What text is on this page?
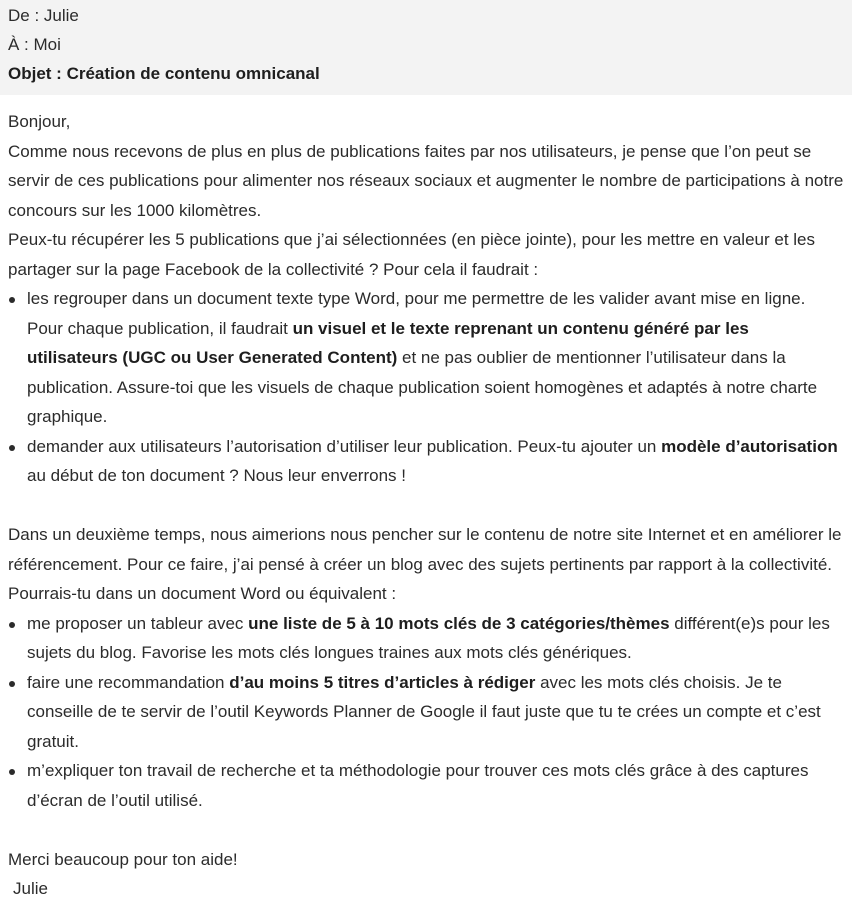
De : Julie
À : Moi
Objet : Création de contenu omnicanal

Bonjour,

Comme nous recevons de plus en plus de publications faites par nos utilisateurs, je pense que l’on peut se servir de ces publications pour alimenter nos réseaux sociaux et augmenter le nombre de participations à notre concours sur les 1000 kilomètres.

Peux-tu récupérer les 5 publications que j’ai sélectionnées (en pièce jointe), pour les mettre en valeur et les partager sur la page Facebook de la collectivité ? Pour cela il faudrait :

les regrouper dans un document texte type Word, pour me permettre de les valider avant mise en ligne. Pour chaque publication, il faudrait un visuel et le texte reprenant un contenu généré par les utilisateurs (UGC ou User Generated Content) et ne pas oublier de mentionner l’utilisateur dans la publication. Assure-toi que les visuels de chaque publication soient homogènes et adaptés à notre charte graphique.
demander aux utilisateurs l’autorisation d’utiliser leur publication. Peux-tu ajouter un modèle d’autorisation au début de ton document ? Nous leur enverrons !

Dans un deuxième temps, nous aimerions nous pencher sur le contenu de notre site Internet et en améliorer le référencement. Pour ce faire, j’ai pensé à créer un blog avec des sujets pertinents par rapport à la collectivité. Pourrais-tu dans un document Word ou équivalent :

me proposer un tableur avec une liste de 5 à 10 mots clés de 3 catégories/thèmes différent(e)s pour les sujets du blog. Favorise les mots clés longues traines aux mots clés génériques.
faire une recommandation d’au moins 5 titres d’articles à rédiger avec les mots clés choisis. Je te conseille de te servir de l’outil Keywords Planner de Google il faut juste que tu te crées un compte et c’est gratuit.
m’expliquer ton travail de recherche et ta méthodologie pour trouver ces mots clés grâce à des captures d’écran de l’outil utilisé.

Merci beaucoup pour ton aide!

Julie
